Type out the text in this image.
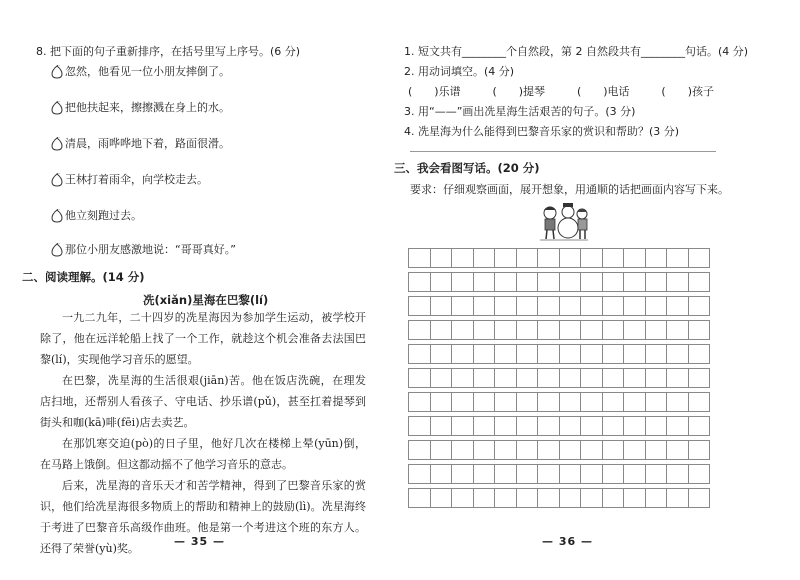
8. 把下面的句子重新排序，在括号里写上序号。(6 分)
忽然，他看见一位小朋友摔倒了。
把他扶起来，擦擦溅在身上的水。
清晨，雨哗哗地下着，路面很滑。
王林打着雨伞，向学校走去。
他立刻跑过去。
那位小朋友感激地说：“哥哥真好。”
二、阅读理解。(14 分)
冼(xiǎn)星海在巴黎(lí)
一九二九年，二十四岁的冼星海因为参加学生运动，被学校开除了，他在远洋轮船上找了一个工作，就趁这个机会准备去法国巴黎(lí)，实现他学习音乐的愿望。
在巴黎，冼星海的生活很艰(jiān)苦。他在饭店洗碗，在理发店扫地，还帮别人看孩子、守电话、抄乐谱(pǔ)，甚至扛着提琴到街头和咖(kā)啡(fēi)店去卖艺。
在那饥寒交迫(pò)的日子里，他好几次在楼梯上晕(yūn)倒，在马路上饿倒。但这都动摇不了他学习音乐的意志。
后来，冼星海的音乐天才和苦学精神，得到了巴黎音乐家的赏识，他们给冼星海很多物质上的帮助和精神上的鼓励(lì)。冼星海终于考进了巴黎音乐高级作曲班。他是第一个考进这个班的东方人。还得了荣誉(yù)奖。
— 35 —
1. 短文共有________个自然段，第 2 自然段共有________句话。(4 分)
2. 用动词填空。(4 分)
(　　)乐谱	(　　)提琴	(　　)电话	(　　)孩子
3. 用“——”画出冼星海生活艰苦的句子。(3 分)
4. 冼星海为什么能得到巴黎音乐家的赏识和帮助？(3 分)
三、我会看图写话。(20 分)
要求：仔细观察画面，展开想象，用通顺的话把画面内容写下来。
— 36 —
